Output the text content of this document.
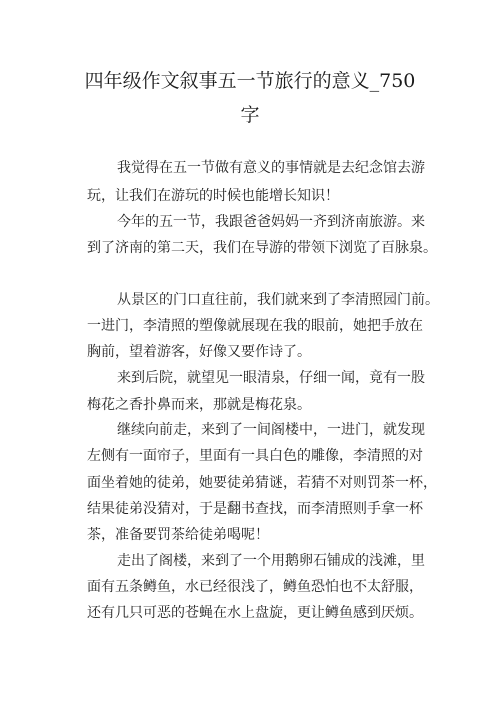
四年级作文叙事五一节旅行的意义_750
字
我觉得在五一节做有意义的事情就是去纪念馆去游
玩，让我们在游玩的时候也能增长知识！
今年的五一节，我跟爸爸妈妈一齐到济南旅游。来
到了济南的第二天，我们在导游的带领下浏览了百脉泉。
从景区的门口直往前，我们就来到了李清照园门前。
一进门，李清照的塑像就展现在我的眼前，她把手放在
胸前，望着游客，好像又要作诗了。
来到后院，就望见一眼清泉，仔细一闻，竟有一股
梅花之香扑鼻而来，那就是梅花泉。
继续向前走，来到了一间阁楼中，一进门，就发现
左侧有一面帘子，里面有一具白色的雕像，李清照的对
面坐着她的徒弟，她要徒弟猜谜，若猜不对则罚茶一杯，
结果徒弟没猜对，于是翻书查找，而李清照则手拿一杯
茶，准备要罚茶给徒弟喝呢！
走出了阁楼，来到了一个用鹅卵石铺成的浅滩，里
面有五条鳟鱼，水已经很浅了，鳟鱼恐怕也不太舒服，
还有几只可恶的苍蝇在水上盘旋，更让鳟鱼感到厌烦。
